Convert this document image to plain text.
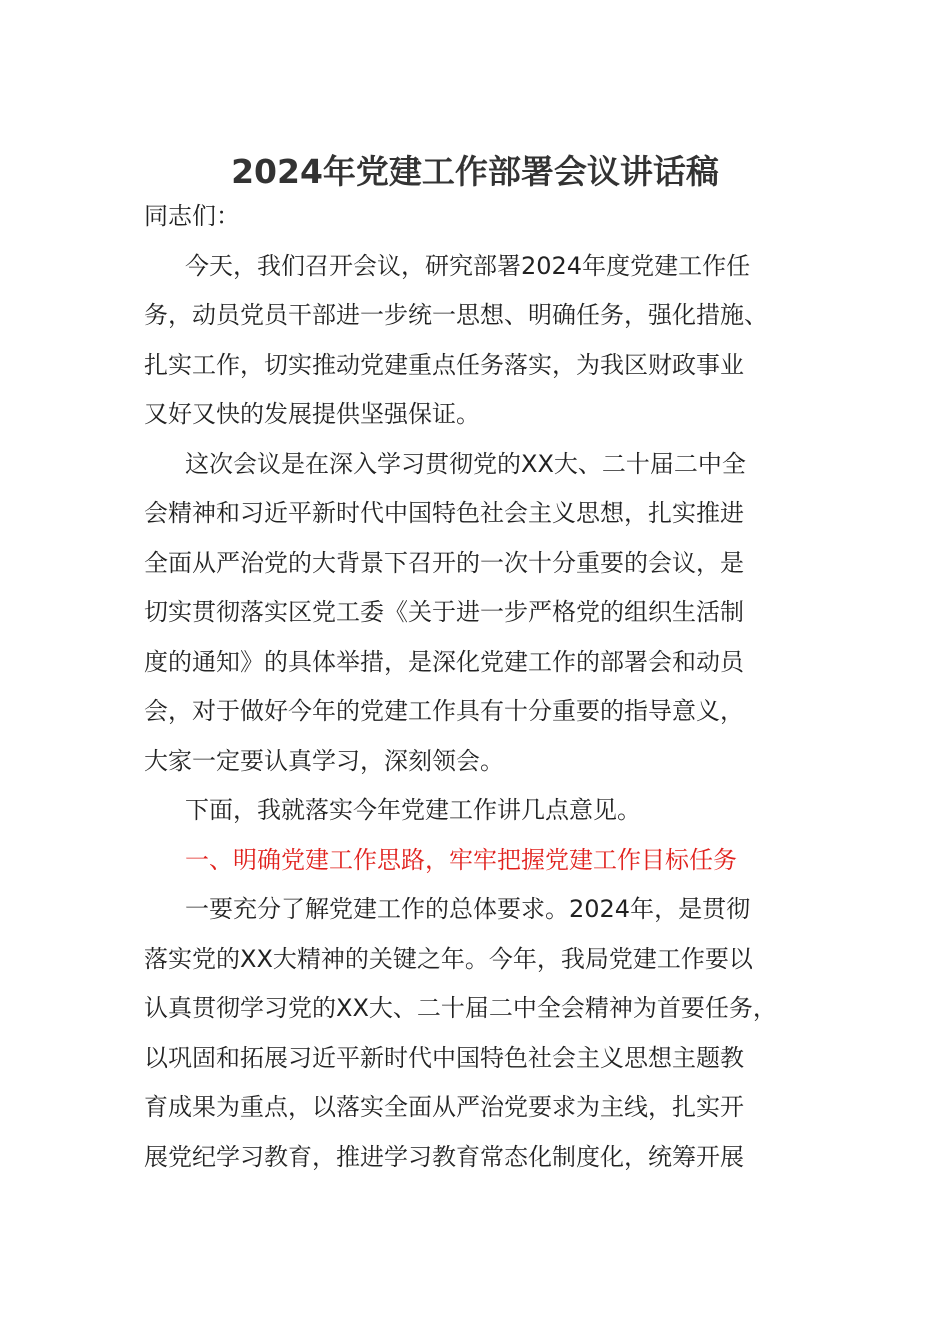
2024年党建工作部署会议讲话稿
同志们：
今天，我们召开会议，研究部署2024年度党建工作任
务，动员党员干部进一步统一思想、明确任务，强化措施、
扎实工作，切实推动党建重点任务落实，为我区财政事业
又好又快的发展提供坚强保证。
这次会议是在深入学习贯彻党的XX大、二十届二中全
会精神和习近平新时代中国特色社会主义思想，扎实推进
全面从严治党的大背景下召开的一次十分重要的会议，是
切实贯彻落实区党工委《关于进一步严格党的组织生活制
度的通知》的具体举措，是深化党建工作的部署会和动员
会，对于做好今年的党建工作具有十分重要的指导意义，
大家一定要认真学习，深刻领会。
下面，我就落实今年党建工作讲几点意见。
一、明确党建工作思路，牢牢把握党建工作目标任务
一要充分了解党建工作的总体要求。2024年，是贯彻
落实党的XX大精神的关键之年。今年，我局党建工作要以
认真贯彻学习党的XX大、二十届二中全会精神为首要任务，
以巩固和拓展习近平新时代中国特色社会主义思想主题教
育成果为重点，以落实全面从严治党要求为主线，扎实开
展党纪学习教育，推进学习教育常态化制度化，统筹开展
